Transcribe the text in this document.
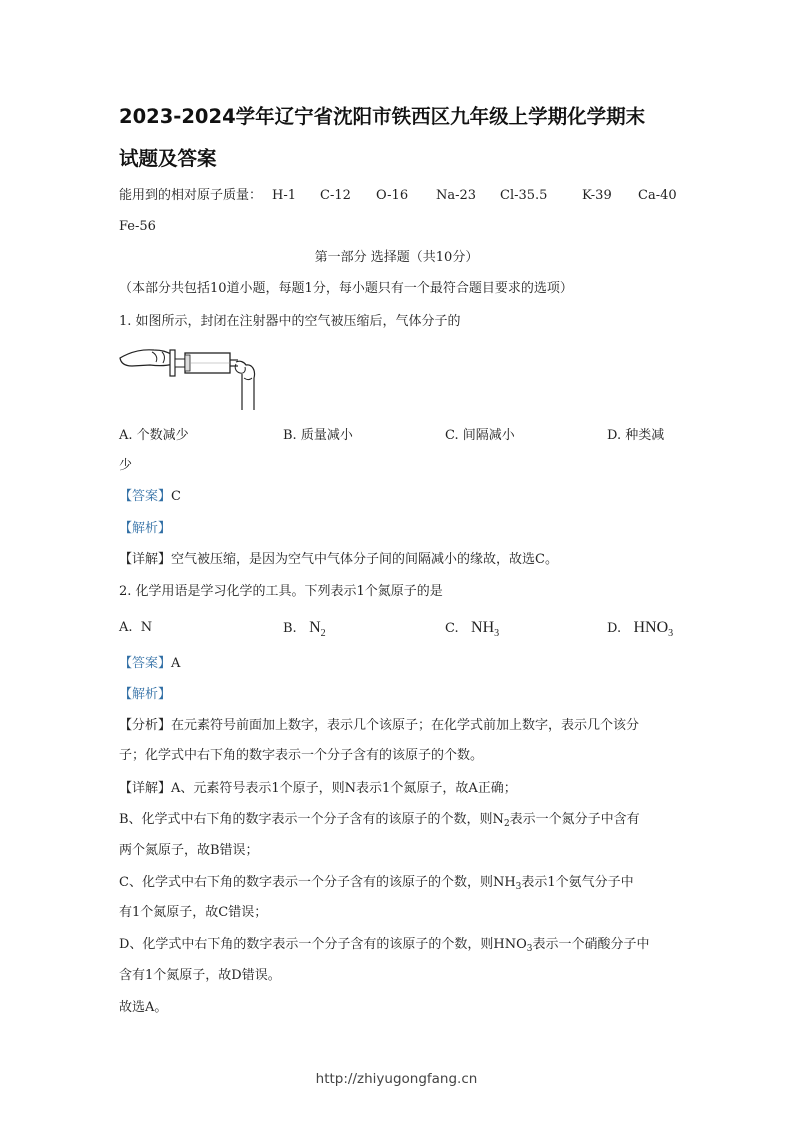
2023-2024学年辽宁省沈阳市铁西区九年级上学期化学期末
试题及答案
能用到的相对原子质量： H-1 C-12 O-16 Na-23 Cl-35.5	K-39 Ca-40
Fe-56
第一部分 选择题（共10分）
（本部分共包括10道小题，每题1分，每小题只有一个最符合题目要求的选项）
1. 如图所示，封闭在注射器中的空气被压缩后，气体分子的
A. 个数减少	B. 质量减小	C. 间隔减小	D. 种类减
少
【答案】C
【解析】
【详解】空气被压缩，是因为空气中气体分子间的间隔减小的缘故，故选C。
2. 化学用语是学习化学的工具。下列表示1个氮原子的是
A. N	B. $N_2$	C. $NH_3$	D. $HNO_3$
【答案】A
【解析】
【分析】在元素符号前面加上数字，表示几个该原子；在化学式前加上数字，表示几个该分
子；化学式中右下角的数字表示一个分子含有的该原子的个数。
【详解】A、元素符号表示1个原子，则N表示1个氮原子，故A正确；
B、化学式中右下角的数字表示一个分子含有的该原子的个数，则$N_2$表示一个氮分子中含有
两个氮原子，故B错误；
C、化学式中右下角的数字表示一个分子含有的该原子的个数，则$NH_3$表示1个氨气分子中
有1个氮原子，故C错误；
D、化学式中右下角的数字表示一个分子含有的该原子的个数，则$HNO_3$表示一个硝酸分子中
含有1个氮原子，故D错误。
故选A。
http://zhiyugongfang.cn
